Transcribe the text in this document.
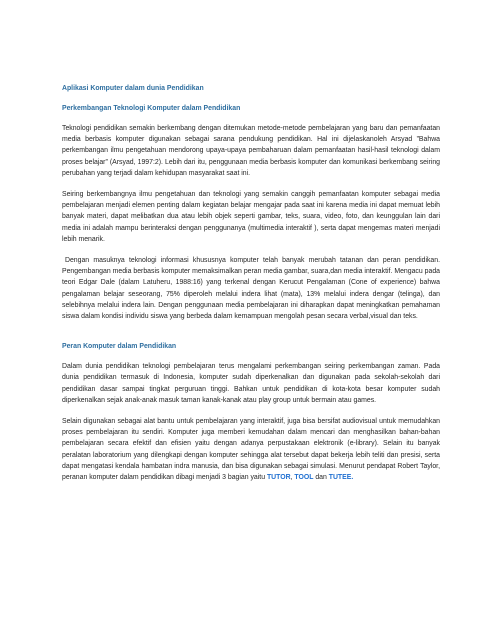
Aplikasi Komputer dalam dunia Pendidikan

Perkembangan Teknologi Komputer dalam Pendidikan

Teknologi pendidikan semakin berkembang dengan ditemukan metode-metode pembelajaran yang baru dan pemanfaatan media berbasis komputer digunakan sebagai sarana pendukung pendidikan. Hal ini dijelaskanoleh Arsyad ”Bahwa perkembangan ilmu pengetahuan mendorong upaya-upaya pembaharuan dalam pemanfaatan hasil-hasil teknologi dalam proses belajar” (Arsyad, 1997:2). Lebih dari itu, penggunaan media berbasis komputer dan komunikasi berkembang seiring perubahan yang terjadi dalam kehidupan masyarakat saat ini.

Seiring berkembangnya ilmu pengetahuan dan teknologi yang semakin canggih pemanfaatan komputer sebagai media pembelajaran menjadi elemen penting dalam kegiatan belajar mengajar pada saat ini karena media ini dapat memuat lebih banyak materi, dapat melibatkan dua atau lebih objek seperti gambar, teks, suara, video, foto, dan keunggulan lain dari media ini adalah mampu berinteraksi dengan penggunanya (multimedia interaktif ), serta dapat mengemas materi menjadi lebih menarik.

Dengan masuknya teknologi informasi khususnya komputer telah banyak merubah tatanan dan peran pendidikan. Pengembangan media berbasis komputer memaksimalkan peran media gambar, suara,dan media interaktif. Mengacu pada teori Edgar Dale (dalam Latuheru, 1988:16) yang terkenal dengan Kerucut Pengalaman (Cone of experience) bahwa pengalaman belajar seseorang, 75% diperoleh melalui indera lihat (mata), 13% melalui indera dengar (telinga), dan selebihnya melalui indera lain. Dengan penggunaan media pembelajaran ini diharapkan dapat meningkatkan pemahaman siswa dalam kondisi individu siswa yang berbeda dalam kemampuan mengolah pesan secara verbal,visual dan teks.

Peran Komputer dalam Pendidikan

Dalam dunia pendidikan teknologi pembelajaran terus mengalami perkembangan seiring perkembangan zaman. Pada dunia pendidikan termasuk di Indonesia, komputer sudah diperkenalkan dan digunakan pada sekolah-sekolah dari pendidikan dasar sampai tingkat perguruan tinggi. Bahkan untuk pendidikan di kota-kota besar komputer sudah diperkenalkan sejak anak-anak masuk taman kanak-kanak atau play group untuk bermain atau games.

Selain digunakan sebagai alat bantu untuk pembelajaran yang interaktif, juga bisa bersifat audiovisual untuk memudahkan proses pembelajaran itu sendiri. Komputer juga memberi kemudahan dalam mencari dan menghasilkan bahan-bahan pembelajaran secara efektif dan efisien yaitu dengan adanya perpustakaan elektronik (e-library). Selain itu banyak peralatan laboratorium yang dilengkapi dengan komputer sehingga alat tersebut dapat bekerja lebih teliti dan presisi, serta dapat mengatasi kendala hambatan indra manusia, dan bisa digunakan sebagai simulasi. Menurut pendapat Robert Taylor, peranan komputer dalam pendidikan dibagi menjadi 3 bagian yaitu TUTOR, TOOL dan TUTEE.
